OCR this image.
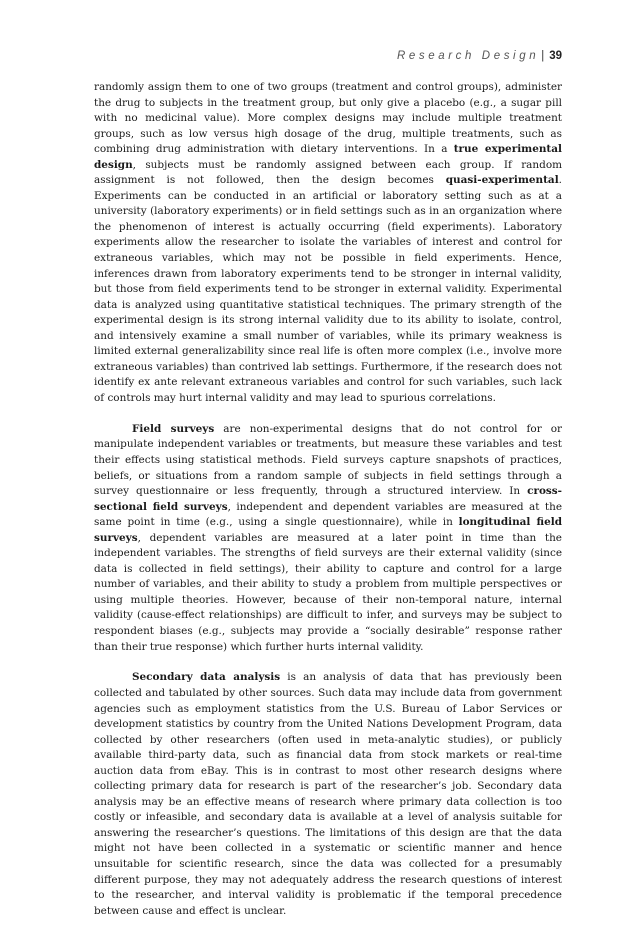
Research Design | 39

randomly assign them to one of two groups (treatment and control groups), administer the drug to subjects in the treatment group, but only give a placebo (e.g., a sugar pill with no medicinal value). More complex designs may include multiple treatment groups, such as low versus high dosage of the drug, multiple treatments, such as combining drug administration with dietary interventions. In a true experimental design, subjects must be randomly assigned between each group. If random assignment is not followed, then the design becomes quasi-experimental. Experiments can be conducted in an artificial or laboratory setting such as at a university (laboratory experiments) or in field settings such as in an organization where the phenomenon of interest is actually occurring (field experiments). Laboratory experiments allow the researcher to isolate the variables of interest and control for extraneous variables, which may not be possible in field experiments. Hence, inferences drawn from laboratory experiments tend to be stronger in internal validity, but those from field experiments tend to be stronger in external validity. Experimental data is analyzed using quantitative statistical techniques. The primary strength of the experimental design is its strong internal validity due to its ability to isolate, control, and intensively examine a small number of variables, while its primary weakness is limited external generalizability since real life is often more complex (i.e., involve more extraneous variables) than contrived lab settings. Furthermore, if the research does not identify ex ante relevant extraneous variables and control for such variables, such lack of controls may hurt internal validity and may lead to spurious correlations.

Field surveys are non-experimental designs that do not control for or manipulate independent variables or treatments, but measure these variables and test their effects using statistical methods. Field surveys capture snapshots of practices, beliefs, or situations from a random sample of subjects in field settings through a survey questionnaire or less frequently, through a structured interview. In cross-sectional field surveys, independent and dependent variables are measured at the same point in time (e.g., using a single questionnaire), while in longitudinal field surveys, dependent variables are measured at a later point in time than the independent variables. The strengths of field surveys are their external validity (since data is collected in field settings), their ability to capture and control for a large number of variables, and their ability to study a problem from multiple perspectives or using multiple theories. However, because of their non-temporal nature, internal validity (cause-effect relationships) are difficult to infer, and surveys may be subject to respondent biases (e.g., subjects may provide a “socially desirable” response rather than their true response) which further hurts internal validity.

Secondary data analysis is an analysis of data that has previously been collected and tabulated by other sources. Such data may include data from government agencies such as employment statistics from the U.S. Bureau of Labor Services or development statistics by country from the United Nations Development Program, data collected by other researchers (often used in meta-analytic studies), or publicly available third-party data, such as financial data from stock markets or real-time auction data from eBay. This is in contrast to most other research designs where collecting primary data for research is part of the researcher’s job. Secondary data analysis may be an effective means of research where primary data collection is too costly or infeasible, and secondary data is available at a level of analysis suitable for answering the researcher’s questions. The limitations of this design are that the data might not have been collected in a systematic or scientific manner and hence unsuitable for scientific research, since the data was collected for a presumably different purpose, they may not adequately address the research questions of interest to the researcher, and interval validity is problematic if the temporal precedence between cause and effect is unclear.
